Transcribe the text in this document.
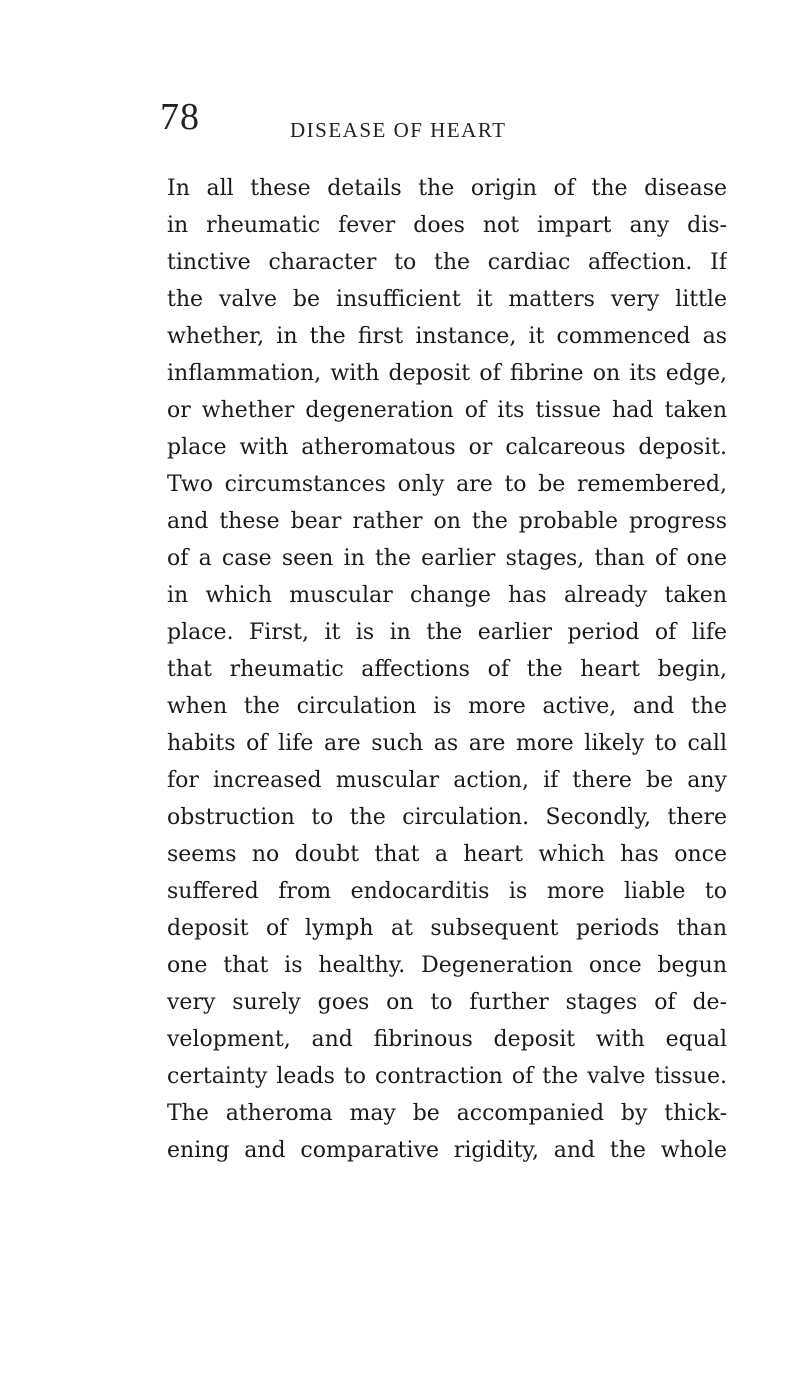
78	DISEASE OF HEART
In all these details the origin of the disease
in rheumatic fever does not impart any dis-
tinctive character to the cardiac affection. If
the valve be insufficient it matters very little
whether, in the first instance, it commenced as
inflammation, with deposit of fibrine on its edge,
or whether degeneration of its tissue had taken
place with atheromatous or calcareous deposit.
Two circumstances only are to be remembered,
and these bear rather on the probable progress
of a case seen in the earlier stages, than of one
in which muscular change has already taken
place. First, it is in the earlier period of life
that rheumatic affections of the heart begin,
when the circulation is more active, and the
habits of life are such as are more likely to call
for increased muscular action, if there be any
obstruction to the circulation. Secondly, there
seems no doubt that a heart which has once
suffered from endocarditis is more liable to
deposit of lymph at subsequent periods than
one that is healthy. Degeneration once begun
very surely goes on to further stages of de-
velopment, and fibrinous deposit with equal
certainty leads to contraction of the valve tissue.
The atheroma may be accompanied by thick-
ening and comparative rigidity, and the whole
